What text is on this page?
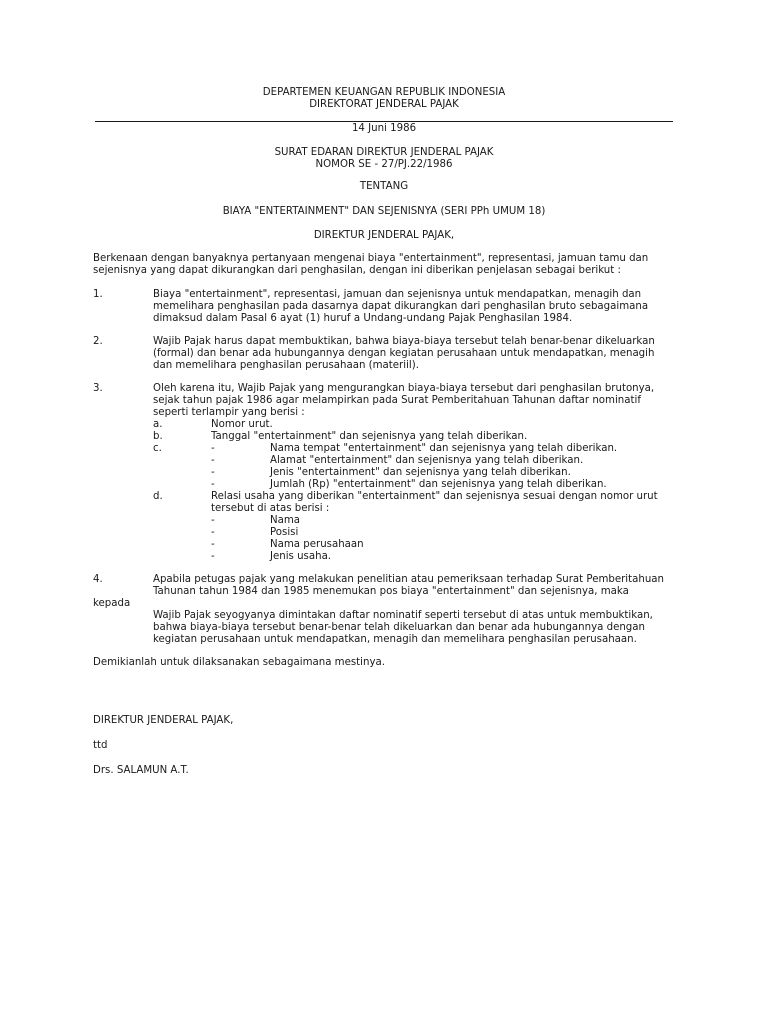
DEPARTEMEN KEUANGAN REPUBLIK INDONESIA
DIREKTORAT JENDERAL PAJAK
14 Juni 1986
SURAT EDARAN DIREKTUR JENDERAL PAJAK
NOMOR SE - 27/PJ.22/1986
TENTANG
BIAYA "ENTERTAINMENT" DAN SEJENISNYA (SERI PPh UMUM 18)
DIREKTUR JENDERAL PAJAK,
Berkenaan dengan banyaknya pertanyaan mengenai biaya "entertainment", representasi, jamuan tamu dan
sejenisnya yang dapat dikurangkan dari penghasilan, dengan ini diberikan penjelasan sebagai berikut :
1.	Biaya "entertainment", representasi, jamuan dan sejenisnya untuk mendapatkan, menagih dan
memelihara penghasilan pada dasarnya dapat dikurangkan dari penghasilan bruto sebagaimana
dimaksud dalam Pasal 6 ayat (1) huruf a Undang-undang Pajak Penghasilan 1984.
2.	Wajib Pajak harus dapat membuktikan, bahwa biaya-biaya tersebut telah benar-benar dikeluarkan
(formal) dan benar ada hubungannya dengan kegiatan perusahaan untuk mendapatkan, menagih
dan memelihara penghasilan perusahaan (materiil).
3.	Oleh karena itu, Wajib Pajak yang mengurangkan biaya-biaya tersebut dari penghasilan brutonya,
sejak tahun pajak 1986 agar melampirkan pada Surat Pemberitahuan Tahunan daftar nominatif
seperti terlampir yang berisi :
a.	Nomor urut.
b.	Tanggal "entertainment" dan sejenisnya yang telah diberikan.
c.	-	Nama tempat "entertainment" dan sejenisnya yang telah diberikan.
-	Alamat "entertainment" dan sejenisnya yang telah diberikan.
-	Jenis "entertainment" dan sejenisnya yang telah diberikan.
-	Jumlah (Rp) "entertainment" dan sejenisnya yang telah diberikan.
d.	Relasi usaha yang diberikan "entertainment" dan sejenisnya sesuai dengan nomor urut
tersebut di atas berisi :
-	Nama
-	Posisi
-	Nama perusahaan
-	Jenis usaha.
4.	Apabila petugas pajak yang melakukan penelitian atau pemeriksaan terhadap Surat Pemberitahuan
Tahunan tahun 1984 dan 1985 menemukan pos biaya "entertainment" dan sejenisnya, maka
kepada
Wajib Pajak seyogyanya dimintakan daftar nominatif seperti tersebut di atas untuk membuktikan,
bahwa biaya-biaya tersebut benar-benar telah dikeluarkan dan benar ada hubungannya dengan
kegiatan perusahaan untuk mendapatkan, menagih dan memelihara penghasilan perusahaan.
Demikianlah untuk dilaksanakan sebagaimana mestinya.
DIREKTUR JENDERAL PAJAK,
ttd
Drs. SALAMUN A.T.
